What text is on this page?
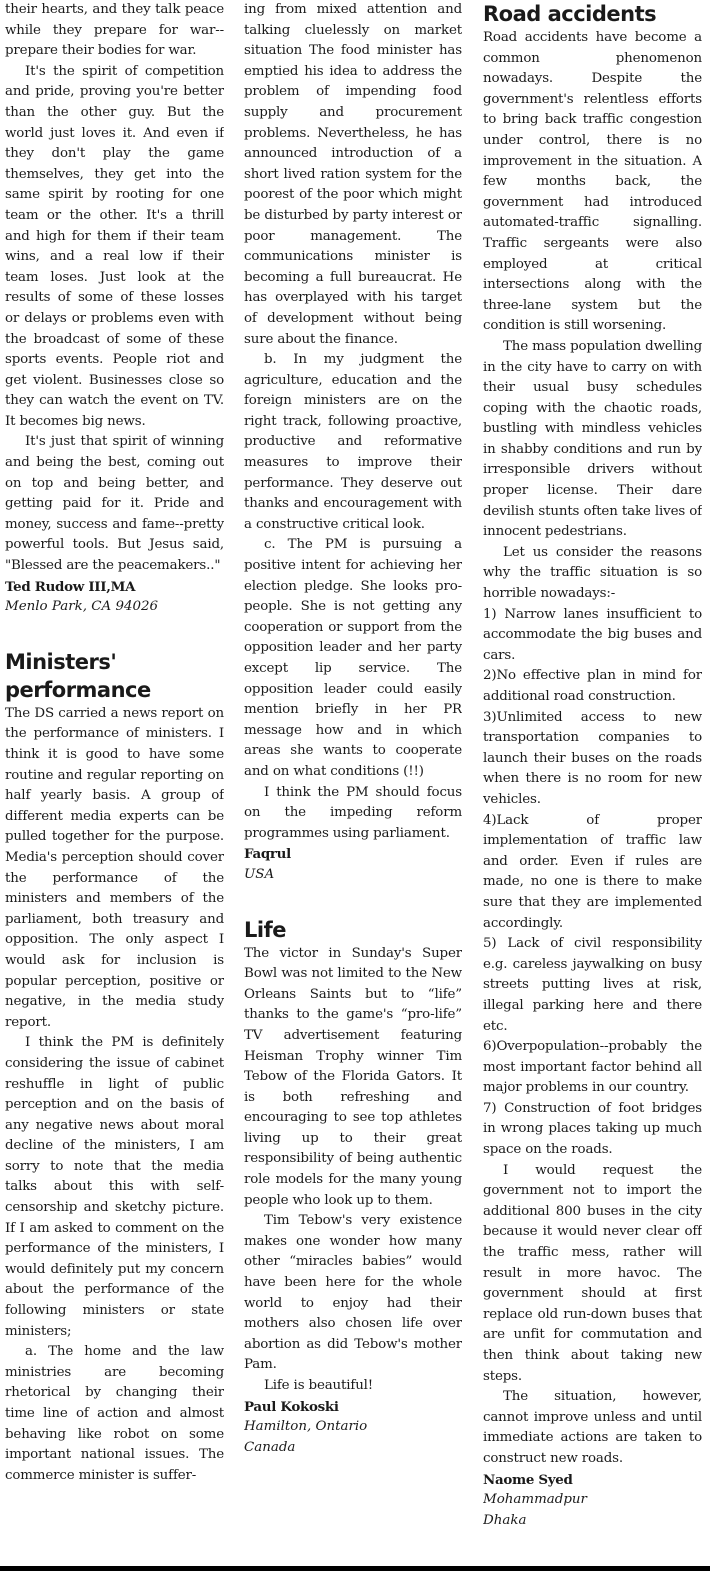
their hearts, and they talk peace while they prepare for war--prepare their bodies for war.

It's the spirit of competition and pride, proving you're better than the other guy. But the world just loves it. And even if they don't play the game themselves, they get into the same spirit by rooting for one team or the other. It's a thrill and high for them if their team wins, and a real low if their team loses. Just look at the results of some of these losses or delays or problems even with the broadcast of some of these sports events. People riot and get violent. Businesses close so they can watch the event on TV. It becomes big news.

It's just that spirit of winning and being the best, coming out on top and being better, and getting paid for it. Pride and money, success and fame--pretty powerful tools. But Jesus said, "Blessed are the peacemakers.."

Ted Rudow III,MA

Menlo Park, CA 94026

Ministers' performance

The DS carried a news report on the performance of ministers. I think it is good to have some routine and regular reporting on half yearly basis. A group of different media experts can be pulled together for the purpose. Media's perception should cover the performance of the ministers and members of the parliament, both treasury and opposition. The only aspect I would ask for inclusion is popular perception, positive or negative, in the media study report.

I think the PM is definitely considering the issue of cabinet reshuffle in light of public perception and on the basis of any negative news about moral decline of the ministers, I am sorry to note that the media talks about this with self-censorship and sketchy picture. If I am asked to comment on the performance of the ministers, I would definitely put my concern about the performance of the following ministers or state ministers;

a. The home and the law ministries are becoming rhetorical by changing their time line of action and almost behaving like robot on some important national issues. The commerce minister is suffer-

ing from mixed attention and talking cluelessly on market situation The food minister has emptied his idea to address the problem of impending food supply and procurement problems. Nevertheless, he has announced introduction of a short lived ration system for the poorest of the poor which might be disturbed by party interest or poor management. The communications minister is becoming a full bureaucrat. He has overplayed with his target of development without being sure about the finance.

b. In my judgment the agriculture, education and the foreign ministers are on the right track, following proactive, productive and reformative measures to improve their performance. They deserve out thanks and encouragement with a constructive critical look.

c. The PM is pursuing a positive intent for achieving her election pledge. She looks pro-people. She is not getting any cooperation or support from the opposition leader and her party except lip service. The opposition leader could easily mention briefly in her PR message how and in which areas she wants to cooperate and on what conditions (!!)

I think the PM should focus on the impeding reform programmes using parliament.

Faqrul

USA

Life

The victor in Sunday's Super Bowl was not limited to the New Orleans Saints but to “life” thanks to the game's “pro-life” TV advertisement featuring Heisman Trophy winner Tim Tebow of the Florida Gators. It is both refreshing and encouraging to see top athletes living up to their great responsibility of being authentic role models for the many young people who look up to them.

Tim Tebow's very existence makes one wonder how many other “miracles babies” would have been here for the whole world to enjoy had their mothers also chosen life over abortion as did Tebow's mother Pam.

Life is beautiful!

Paul Kokoski

Hamilton, Ontario

Canada

Road accidents

Road accidents have become a common phenomenon nowadays. Despite the government's relentless efforts to bring back traffic congestion under control, there is no improvement in the situation. A few months back, the government had introduced automated-traffic signalling. Traffic sergeants were also employed at critical intersections along with the three-lane system but the condition is still worsening.

The mass population dwelling in the city have to carry on with their usual busy schedules coping with the chaotic roads, bustling with mindless vehicles in shabby conditions and run by irresponsible drivers without proper license. Their dare devilish stunts often take lives of innocent pedestrians.

Let us consider the reasons why the traffic situation is so horrible nowadays:-

1) Narrow lanes insufficient to accommodate the big buses and cars.

2)No effective plan in mind for additional road construction.

3)Unlimited access to new transportation companies to launch their buses on the roads when there is no room for new vehicles.

4)Lack of proper implementation of traffic law and order. Even if rules are made, no one is there to make sure that they are implemented accordingly.

5) Lack of civil responsibility e.g. careless jaywalking on busy streets putting lives at risk, illegal parking here and there etc.

6)Overpopulation--probably the most important factor behind all major problems in our country.

7) Construction of foot bridges in wrong places taking up much space on the roads.

I would request the government not to import the additional 800 buses in the city because it would never clear off the traffic mess, rather will result in more havoc. The government should at first replace old run-down buses that are unfit for commutation and then think about taking new steps.

The situation, however, cannot improve unless and until immediate actions are taken to construct new roads.

Naome Syed

Mohammadpur

Dhaka
